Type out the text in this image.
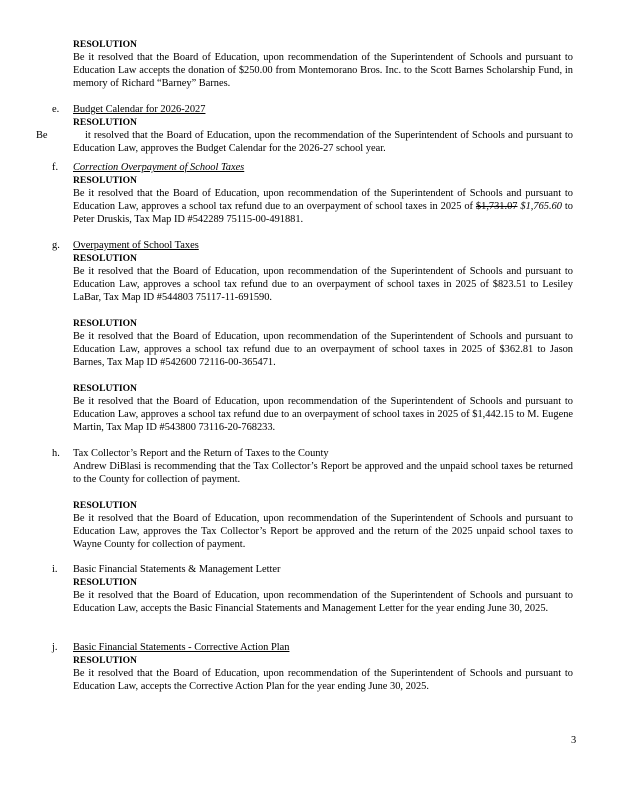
RESOLUTION
Be it resolved that the Board of Education, upon recommendation of the Superintendent of Schools and pursuant to Education Law accepts the donation of $250.00 from Montemorano Bros. Inc. to the Scott Barnes Scholarship Fund, in memory of Richard “Barney” Barnes.
e. Budget Calendar for 2026-2027
RESOLUTION
Be	it resolved that the Board of Education, upon the recommendation of the Superintendent of Schools and pursuant to Education Law, approves the Budget Calendar for the 2026-27 school year.
f. Correction Overpayment of School Taxes
RESOLUTION
Be it resolved that the Board of Education, upon recommendation of the Superintendent of Schools and pursuant to Education Law, approves a school tax refund due to an overpayment of school taxes in 2025 of $1,731.07 $1,765.60 to Peter Druskis, Tax Map ID #542289 75115-00-491881.
g. Overpayment of School Taxes
RESOLUTION
Be it resolved that the Board of Education, upon recommendation of the Superintendent of Schools and pursuant to Education Law, approves a school tax refund due to an overpayment of school taxes in 2025 of $823.51 to Lesiley LaBar, Tax Map ID #544803 75117-11-691590.
RESOLUTION
Be it resolved that the Board of Education, upon recommendation of the Superintendent of Schools and pursuant to Education Law, approves a school tax refund due to an overpayment of school taxes in 2025 of $362.81 to Jason Barnes, Tax Map ID #542600 72116-00-365471.
RESOLUTION
Be it resolved that the Board of Education, upon recommendation of the Superintendent of Schools and pursuant to Education Law, approves a school tax refund due to an overpayment of school taxes in 2025 of $1,442.15 to M. Eugene Martin, Tax Map ID #543800 73116-20-768233.
h. Tax Collector’s Report and the Return of Taxes to the County
Andrew DiBlasi is recommending that the Tax Collector’s Report be approved and the unpaid school taxes be returned to the County for collection of payment.
RESOLUTION
Be it resolved that the Board of Education, upon recommendation of the Superintendent of Schools and pursuant to Education Law, approves the Tax Collector’s Report be approved and the return of the 2025 unpaid school taxes to Wayne County for collection of payment.
i. Basic Financial Statements & Management Letter
RESOLUTION
Be it resolved that the Board of Education, upon recommendation of the Superintendent of Schools and pursuant to Education Law, accepts the Basic Financial Statements and Management Letter for the year ending June 30, 2025.
j. Basic Financial Statements - Corrective Action Plan
RESOLUTION
Be it resolved that the Board of Education, upon recommendation of the Superintendent of Schools and pursuant to Education Law, accepts the Corrective Action Plan for the year ending June 30, 2025.
3
